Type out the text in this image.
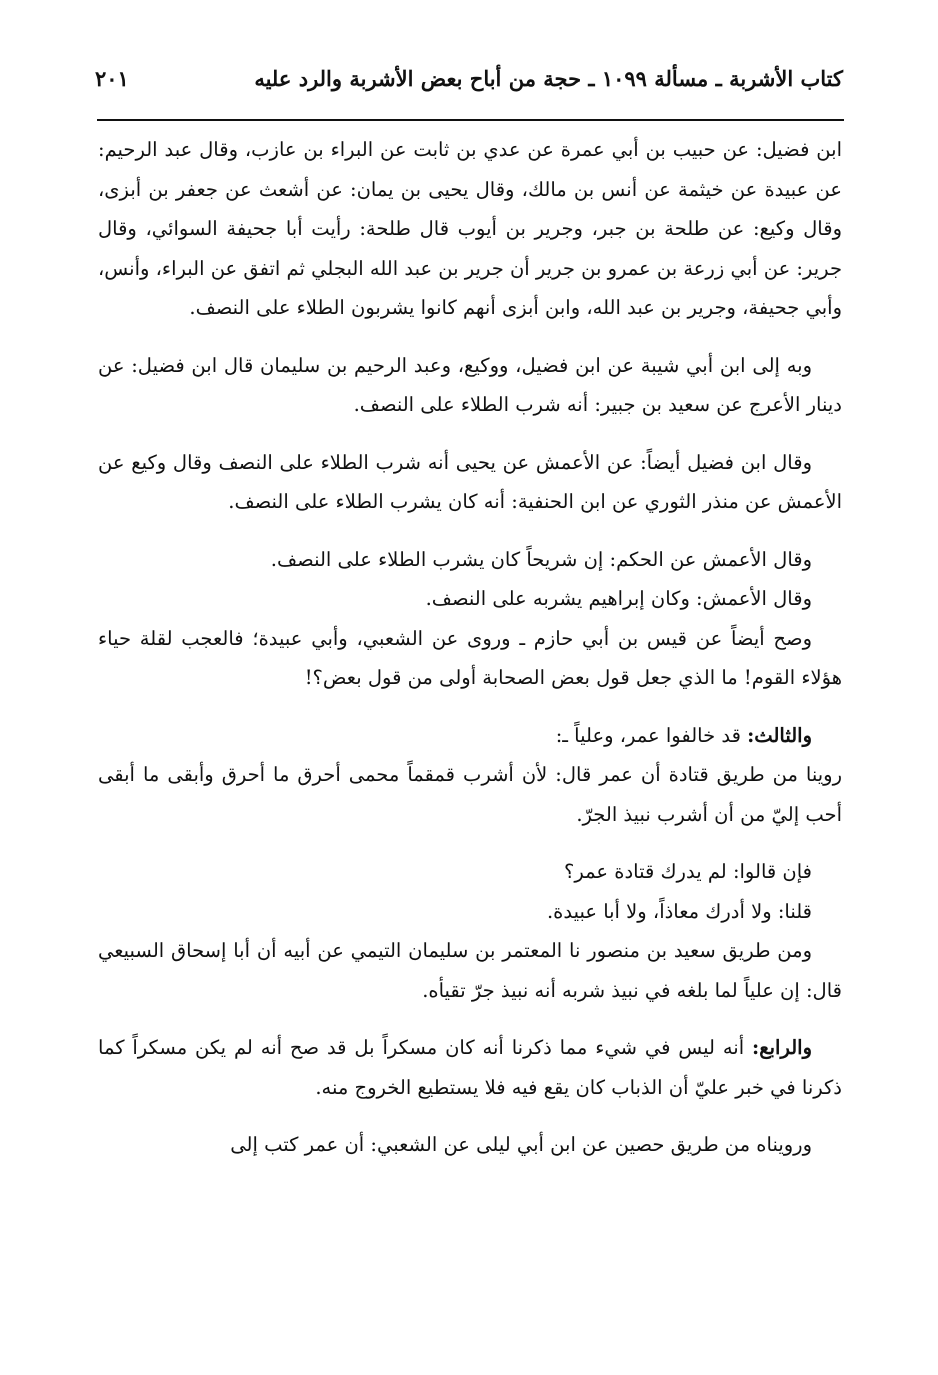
كتاب الأشربة ـ مسألة ١٠٩٩ ـ حجة من أباح بعض الأشربة والرد عليه
٢٠١

ابن فضيل: عن حبيب بن أبي عمرة عن عدي بن ثابت عن البراء بن عازب، وقال عبد الرحيم: عن عبيدة عن خيثمة عن أنس بن مالك، وقال يحيى بن يمان: عن أشعث عن جعفر بن أبزى، وقال وكيع: عن طلحة بن جبر، وجرير بن أيوب قال طلحة: رأيت أبا جحيفة السوائي، وقال جرير: عن أبي زرعة بن عمرو بن جرير أن جرير بن عبد الله البجلي ثم اتفق عن البراء، وأنس، وأبي جحيفة، وجرير بن عبد الله، وابن أبزى أنهم كانوا يشربون الطلاء على النصف.

وبه إلى ابن أبي شيبة عن ابن فضيل، ووكيع، وعبد الرحيم بن سليمان قال ابن فضيل: عن دينار الأعرج عن سعيد بن جبير: أنه شرب الطلاء على النصف.

وقال ابن فضيل أيضاً: عن الأعمش عن يحيى أنه شرب الطلاء على النصف وقال وكيع عن الأعمش عن منذر الثوري عن ابن الحنفية: أنه كان يشرب الطلاء على النصف.

وقال الأعمش عن الحكم: إن شريحاً كان يشرب الطلاء على النصف.

وقال الأعمش: وكان إبراهيم يشربه على النصف.

وصح أيضاً عن قيس بن أبي حازم ـ وروى عن الشعبي، وأبي عبيدة؛ فالعجب لقلة حياء هؤلاء القوم! ما الذي جعل قول بعض الصحابة أولى من قول بعض؟!

والثالث: قد خالفوا عمر، وعلياً ـ:

روينا من طريق قتادة أن عمر قال: لأن أشرب قمقماً محمى أحرق ما أحرق وأبقى ما أبقى أحب إليّ من أن أشرب نبيذ الجرّ.

فإن قالوا: لم يدرك قتادة عمر؟

قلنا: ولا أدرك معاذاً، ولا أبا عبيدة.

ومن طريق سعيد بن منصور نا المعتمر بن سليمان التيمي عن أبيه أن أبا إسحاق السبيعي قال: إن علياً لما بلغه في نبيذ شربه أنه نبيذ جرّ تقيأه.

والرابع: أنه ليس في شيء مما ذكرنا أنه كان مسكراً بل قد صح أنه لم يكن مسكراً كما ذكرنا في خبر عليّ أن الذباب كان يقع فيه فلا يستطيع الخروج منه.

ورويناه من طريق حصين عن ابن أبي ليلى عن الشعبي: أن عمر كتب إلى
